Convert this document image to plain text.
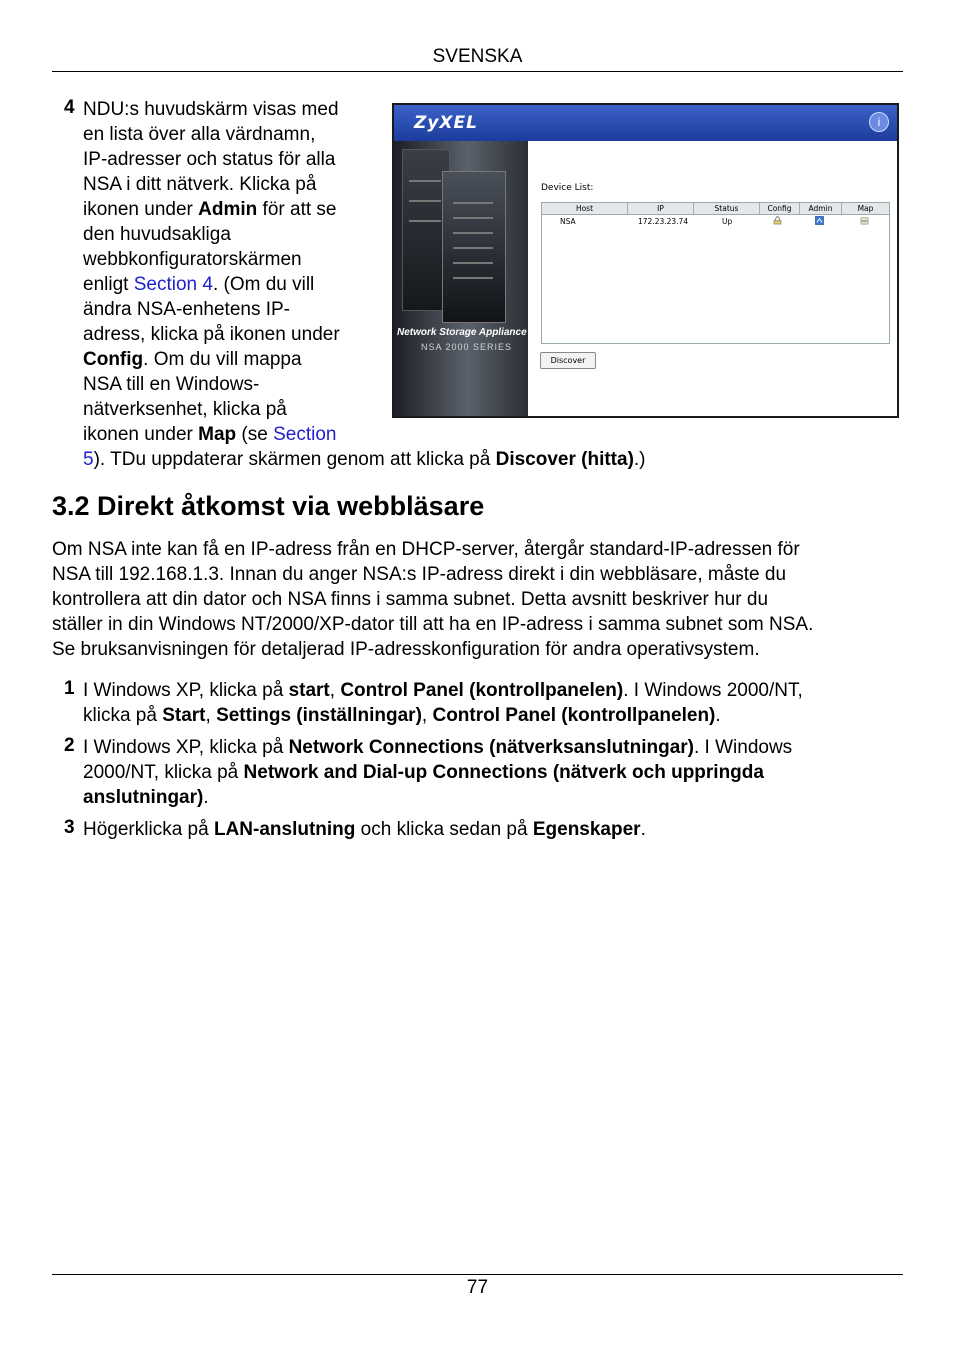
SVENSKA
4 NDU:s huvudskärm visas med
en lista över alla värdnamn,
IP-adresser och status för alla
NSA i ditt nätverk. Klicka på
ikonen under Admin för att se
den huvudsakliga
webbkonfiguratorskärmen
enligt Section 4. (Om du vill
ändra NSA-enhetens IP-
adress, klicka på ikonen under
Config. Om du vill mappa
NSA till en Windows-
nätverksenhet, klicka på
ikonen under Map (se Section
5). TDu uppdaterar skärmen genom att klicka på Discover (hitta).)
ZyXEL	i
Network Storage Appliance
NSA 2000 SERIES
Device List:
Host	IP	Status	Config	Admin	Map
NSA	172.23.23.74	Up
Discover
3.2 Direkt åtkomst via webbläsare
Om NSA inte kan få en IP-adress från en DHCP-server, återgår standard-IP-adressen för
NSA till 192.168.1.3. Innan du anger NSA:s IP-adress direkt i din webbläsare, måste du
kontrollera att din dator och NSA finns i samma subnet. Detta avsnitt beskriver hur du
ställer in din Windows NT/2000/XP-dator till att ha en IP-adress i samma subnet som NSA.
Se bruksanvisningen för detaljerad IP-adresskonfiguration för andra operativsystem.
1 I Windows XP, klicka på start, Control Panel (kontrollpanelen). I Windows 2000/NT,
klicka på Start, Settings (inställningar), Control Panel (kontrollpanelen).
2 I Windows XP, klicka på Network Connections (nätverksanslutningar). I Windows
2000/NT, klicka på Network and Dial-up Connections (nätverk och uppringda
anslutningar).
3 Högerklicka på LAN-anslutning och klicka sedan på Egenskaper.
77
